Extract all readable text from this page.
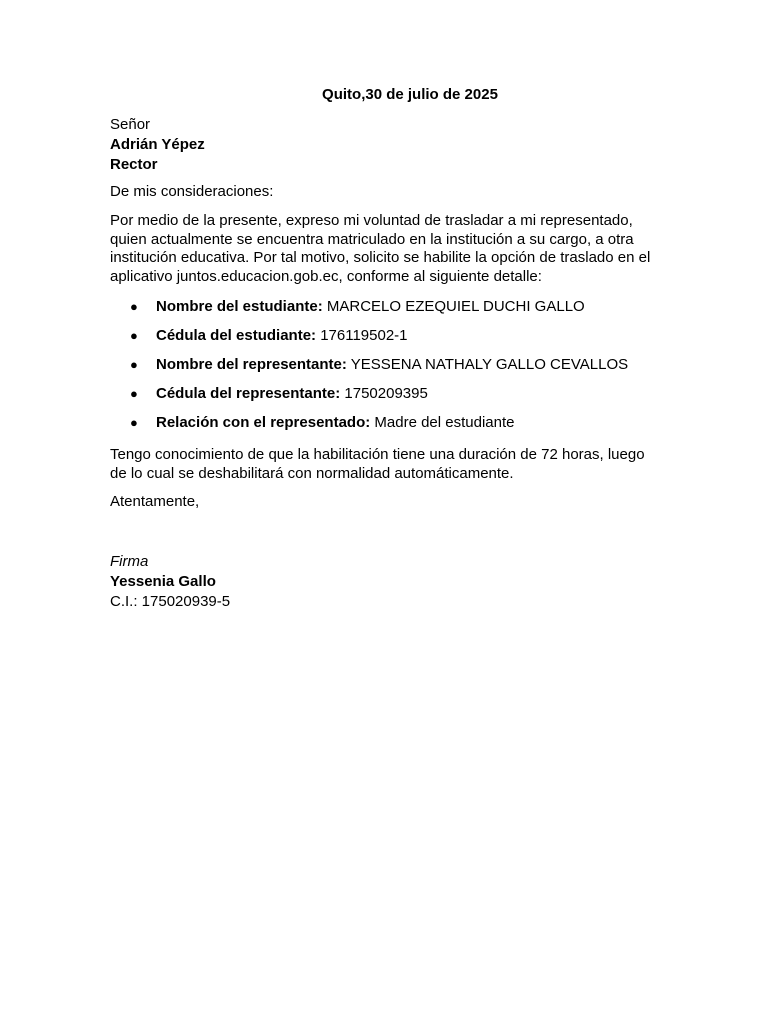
Quito,30 de julio de 2025
Señor
Adrián Yépez
Rector
De mis consideraciones:
Por medio de la presente, expreso mi voluntad de trasladar a mi representado, quien actualmente se encuentra matriculado en la institución a su cargo, a otra institución educativa. Por tal motivo, solicito se habilite la opción de traslado en el aplicativo juntos.educacion.gob.ec, conforme al siguiente detalle:
● Nombre del estudiante: MARCELO EZEQUIEL DUCHI GALLO
● Cédula del estudiante: 176119502-1
● Nombre del representante: YESSENA NATHALY GALLO CEVALLOS
● Cédula del representante: 1750209395
● Relación con el representado: Madre del estudiante
Tengo conocimiento de que la habilitación tiene una duración de 72 horas, luego de lo cual se deshabilitará con normalidad automáticamente.
Atentamente,
Firma
Yessenia Gallo
C.I.: 175020939-5
